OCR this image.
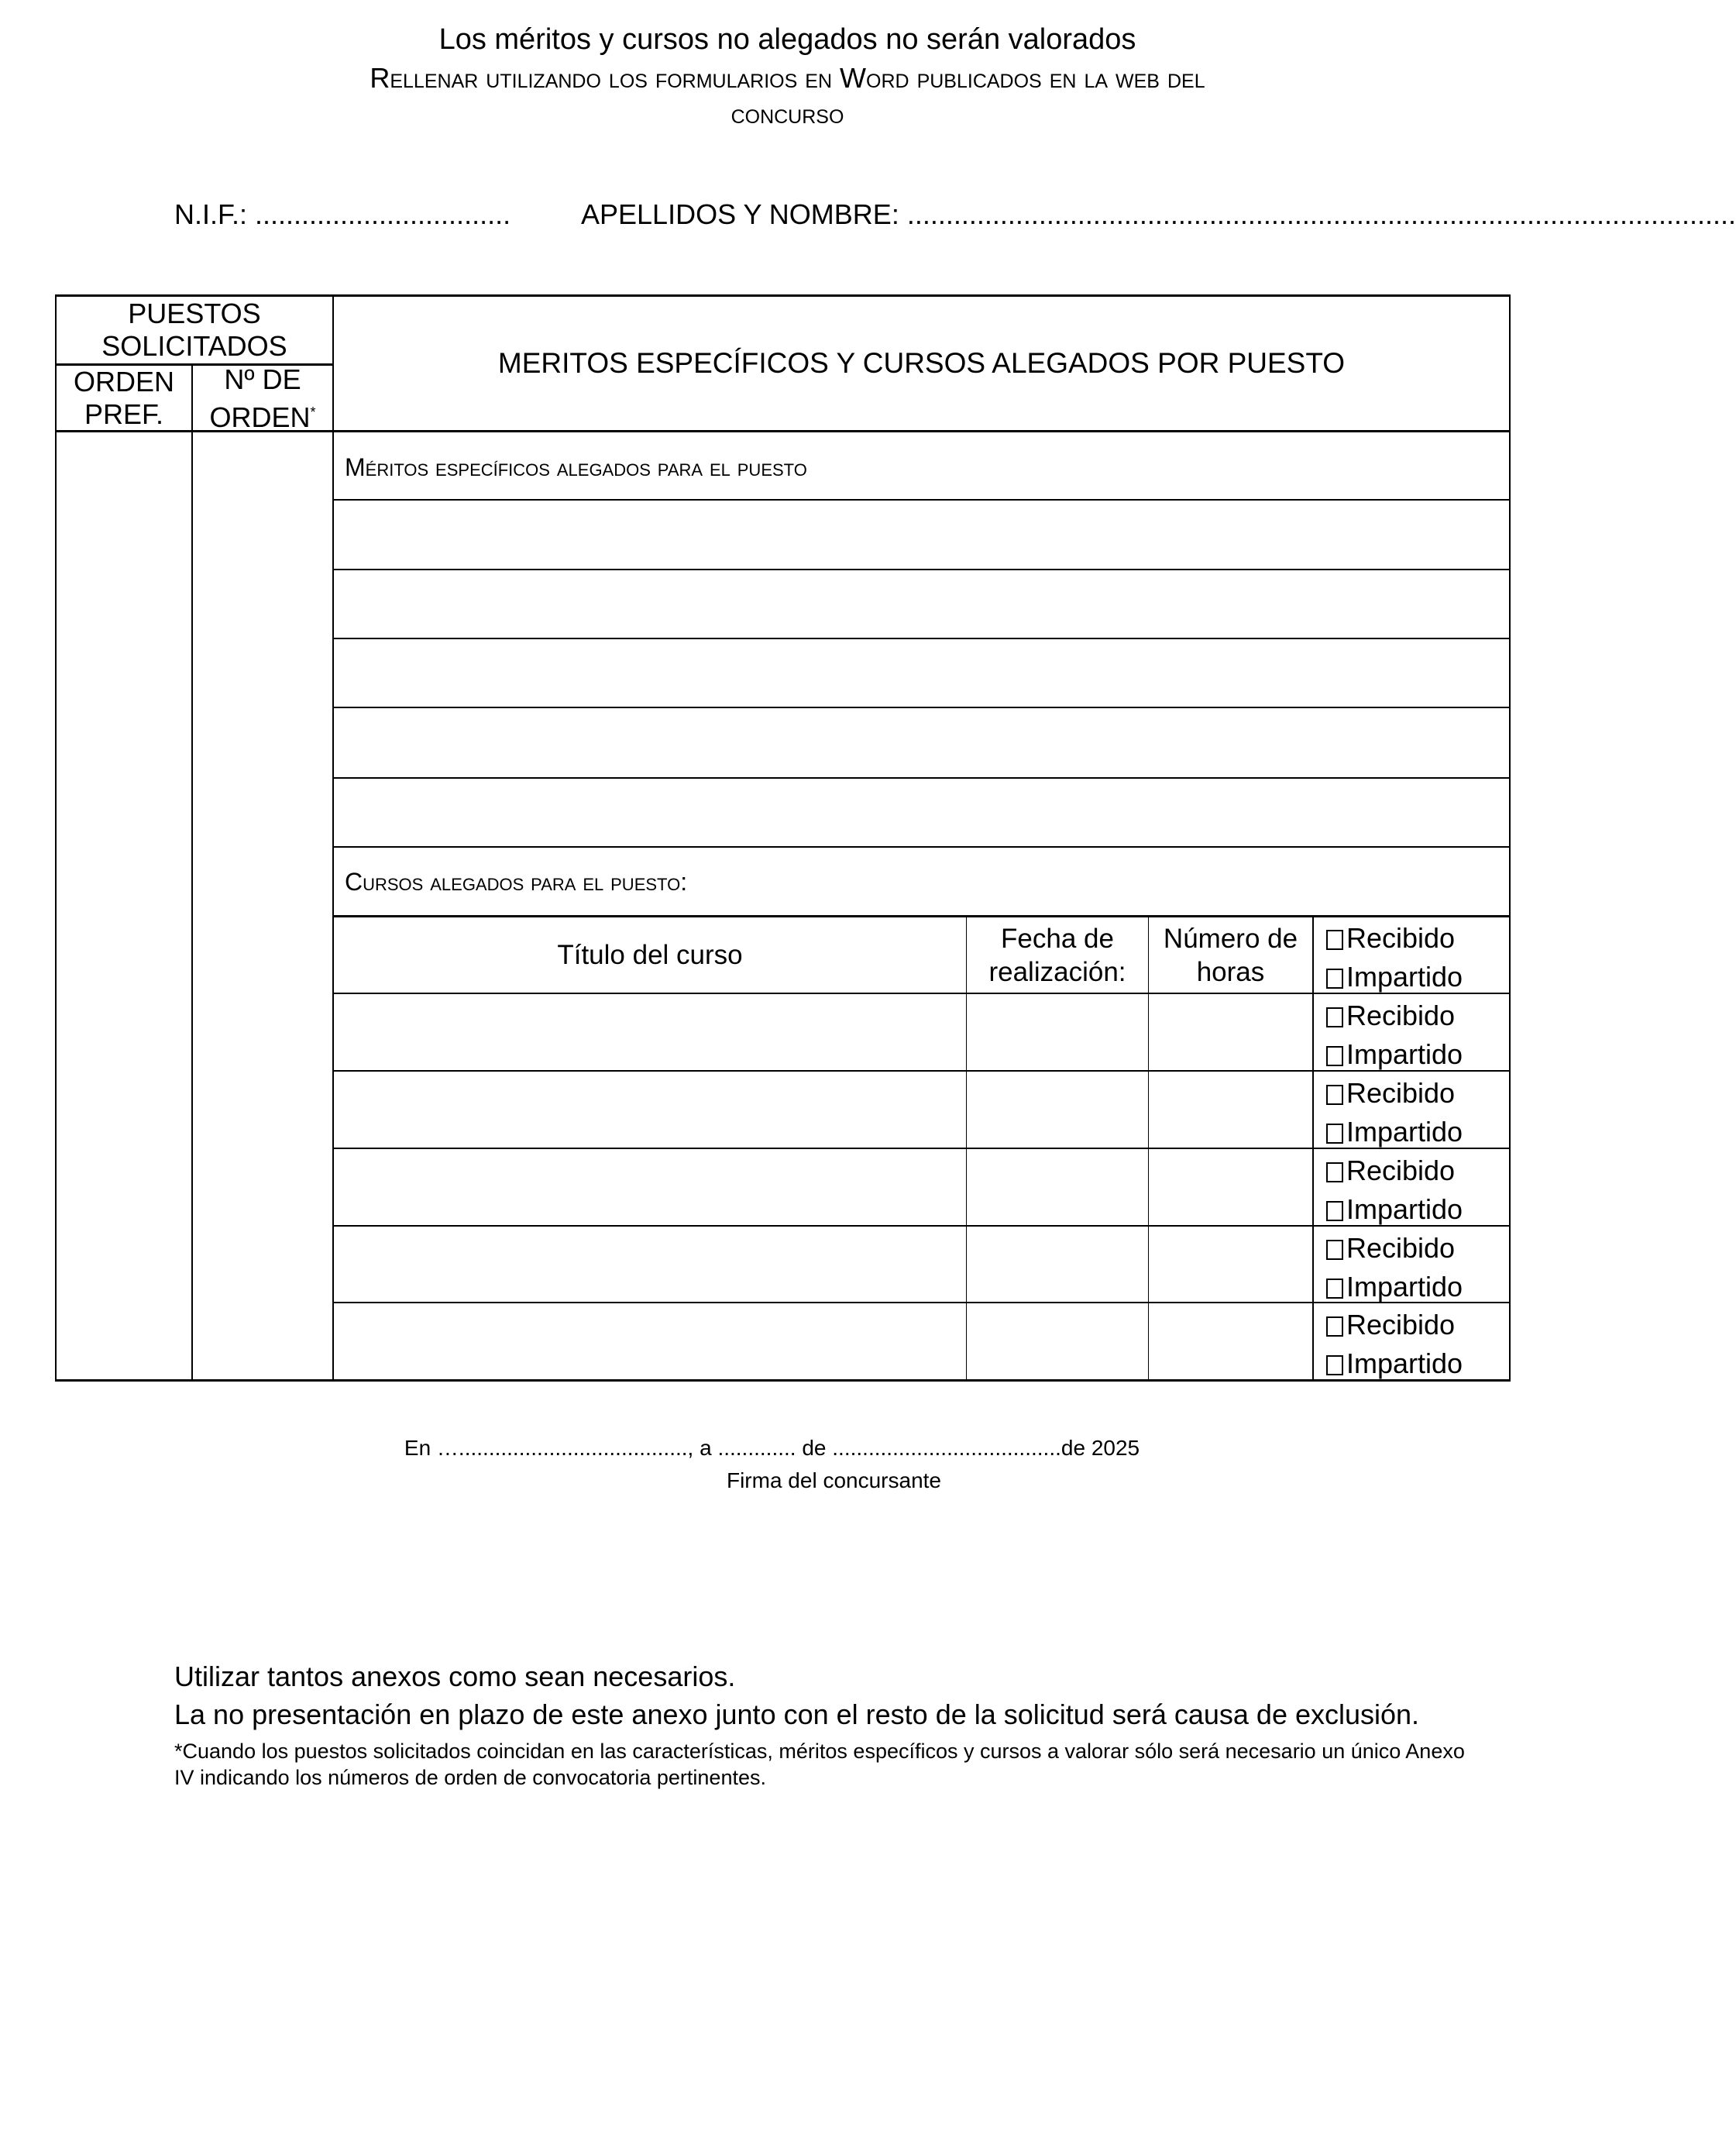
Los méritos y cursos no alegados no serán valorados
Rellenar utilizando los formularios en Word publicados en la web del
concurso
N.I.F.: .................................	APELLIDOS Y NOMBRE: ...........................................................................................................
PUESTOS SOLICITADOS
ORDEN PREF.
Nº DE ORDEN*
MERITOS ESPECÍFICOS Y CURSOS ALEGADOS POR PUESTO
Méritos específicos alegados para el puesto
Cursos alegados para el puesto:
Título del curso
Fecha de realización:
Número de horas
Recibido
Impartido
Recibido
Impartido
Recibido
Impartido
Recibido
Impartido
Recibido
Impartido
Recibido
Impartido
En …......................................, a ............. de ......................................de 2025
Firma del concursante
Utilizar tantos anexos como sean necesarios.
La no presentación en plazo de este anexo junto con el resto de la solicitud será causa de exclusión.
*Cuando los puestos solicitados coincidan en las características, méritos específicos y cursos a valorar sólo será necesario un único Anexo IV indicando los números de orden de convocatoria pertinentes.
